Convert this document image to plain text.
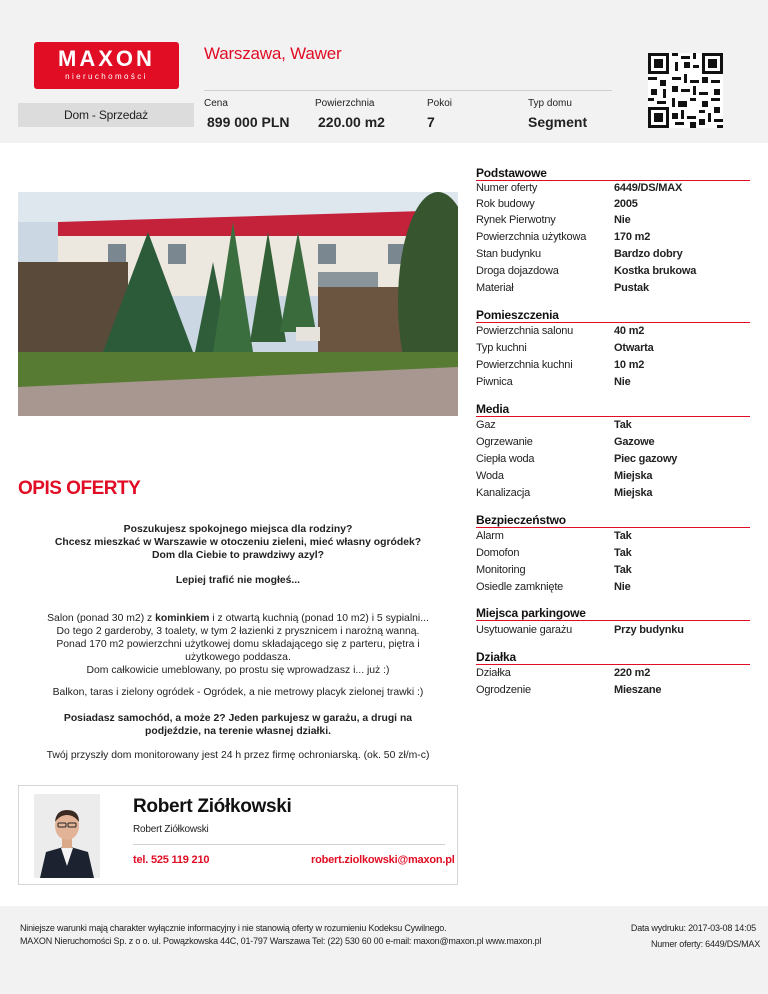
MAXON
nieruchomości
Warszawa, Wawer
Dom - Sprzedaż
Cena
899 000 PLN
Powierzchnia
220.00 m2
Pokoi
7
Typ domu
Segment
Podstawowe
Numer oferty	6449/DS/MAX
Rok budowy	2005
Rynek Pierwotny	Nie
Powierzchnia użytkowa	170 m2
Stan budynku	Bardzo dobry
Droga dojazdowa	Kostka brukowa
Materiał	Pustak
Pomieszczenia
Powierzchnia salonu	40 m2
Typ kuchni	Otwarta
Powierzchnia kuchni	10 m2
Piwnica	Nie
Media
Gaz	Tak
Ogrzewanie	Gazowe
Ciepła woda	Piec gazowy
Woda	Miejska
Kanalizacja	Miejska
Bezpieczeństwo
Alarm	Tak
Domofon	Tak
Monitoring	Tak
Osiedle zamknięte	Nie
Miejsca parkingowe
Usytuowanie garażu	Przy budynku
Działka
Działka	220 m2
Ogrodzenie	Mieszane
OPIS OFERTY
Poszukujesz spokojnego miejsca dla rodziny?
Chcesz mieszkać w Warszawie w otoczeniu zieleni, mieć własny ogródek?
Dom dla Ciebie to prawdziwy azyl?
Lepiej trafić nie mogłeś...
Salon (ponad 30 m2) z kominkiem i z otwartą kuchnią (ponad 10 m2) i 5 sypialni...
Do tego 2 garderoby, 3 toalety, w tym 2 łazienki z prysznicem i narożną wanną.
Ponad 170 m2 powierzchni użytkowej domu składającego się z parteru, piętra i
użytkowego poddasza.
Dom całkowicie umeblowany, po prostu się wprowadzasz i... już :)
Balkon, taras i zielony ogródek - Ogródek, a nie metrowy placyk zielonej trawki :)
Posiadasz samochód, a może 2? Jeden parkujesz w garażu, a drugi na
podjeździe, na terenie własnej działki.
Twój przyszły dom monitorowany jest 24 h przez firmę ochroniarską. (ok. 50 zł/m-c)
Robert Ziółkowski
Robert Ziółkowski
tel. 525 119 210	robert.ziolkowski@maxon.pl
Niniejsze warunki mają charakter wyłącznie informacyjny i nie stanowią oferty w rozumieniu Kodeksu Cywilnego.
MAXON Nieruchomości Sp. z o o. ul. Powązkowska 44C, 01-797 Warszawa Tel: (22) 530 60 00 e-mail: maxon@maxon.pl www.maxon.pl
Data wydruku: 2017-03-08 14:05
Numer oferty: 6449/DS/MAX
